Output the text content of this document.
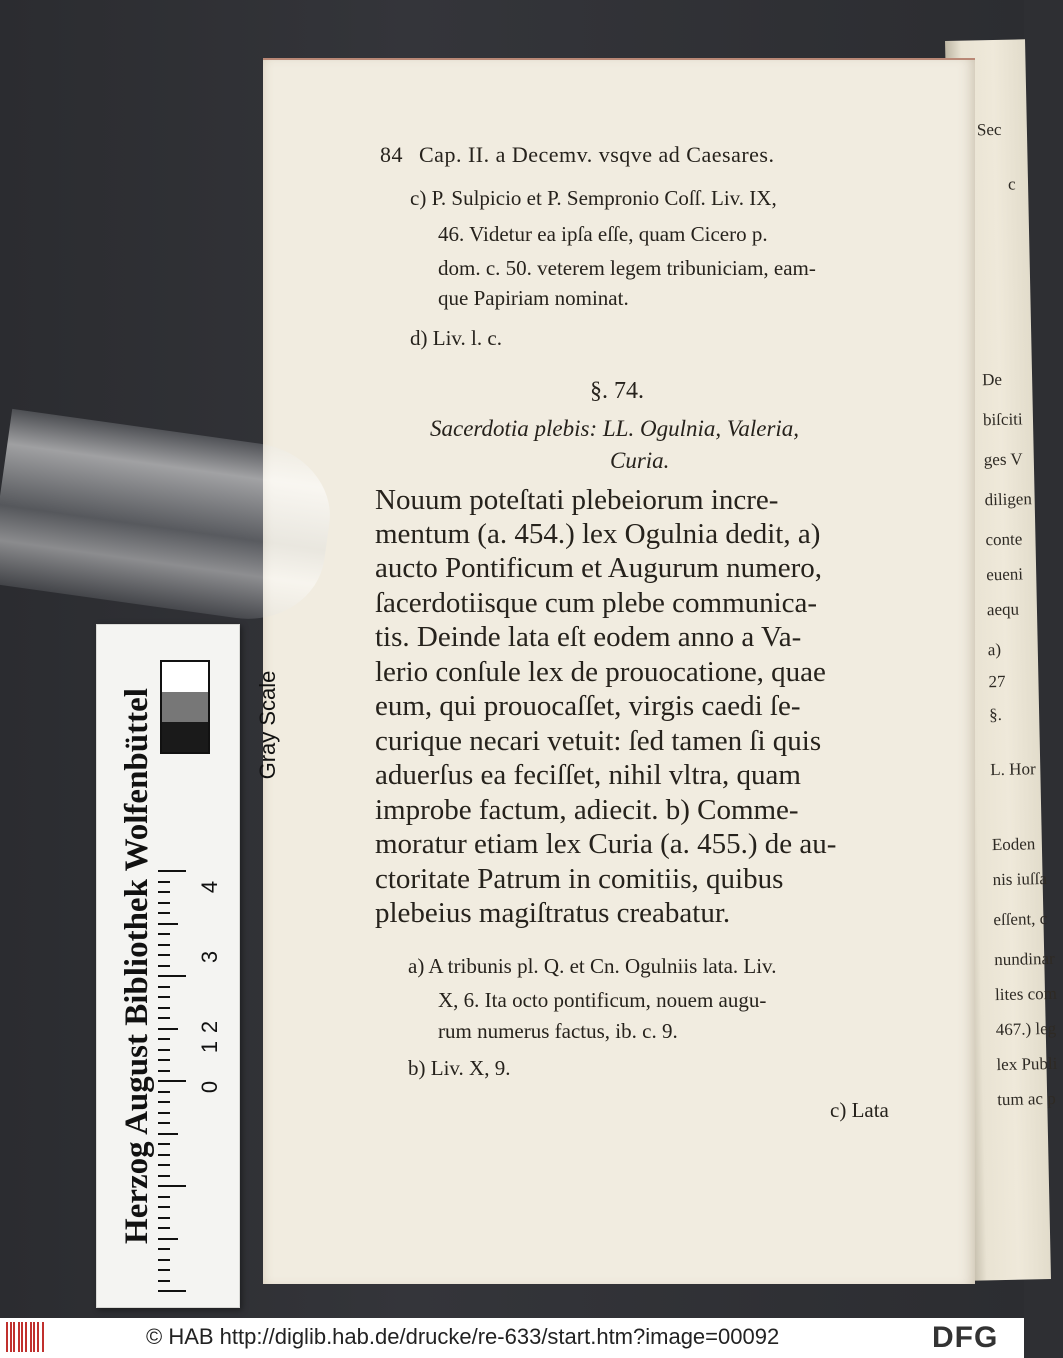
Sec
c
De
biſciti
ges V
diligen
conte
eueni
aequ
a)
27
§.
L. Hor
Eoden
nis iuſſa
eſſent, c
nundinar
lites com
467.) leg
lex Publi
tum ac p
84 Cap. II. a Decemv. vsqve ad Caesares.
c) P. Sulpicio et P. Sempronio Coſſ. Liv. IX,
46. Videtur ea ipſa eſſe, quam Cicero p.
dom. c. 50. veterem legem tribuniciam, eam-
que Papiriam nominat.
d) Liv. l. c.
§. 74.
Sacerdotia plebis: LL. Ogulnia, Valeria,
Curia.
Nouum poteſtati plebeiorum incre-
mentum (a. 454.) lex Ogulnia dedit, a)
aucto Pontificum et Augurum numero,
ſacerdotiisque cum plebe communica-
tis. Deinde lata eſt eodem anno a Va-
lerio conſule lex de prouocatione, quae
eum, qui prouocaſſet, virgis caedi ſe-
curique necari vetuit: ſed tamen ſi quis
aduerſus ea feciſſet, nihil vltra, quam
improbe factum, adiecit. b) Comme-
moratur etiam lex Curia (a. 455.) de au-
ctoritate Patrum in comitiis, quibus
plebeius magiſtratus creabatur.
a) A tribunis pl. Q. et Cn. Ogulniis lata. Liv.
X, 6. Ita octo pontificum, nouem augu-
rum numerus factus, ib. c. 9.
b) Liv. X, 9.
c) Lata
Herzog August Bibliothek Wolfenbüttel	Gray Scale
0
1
2
3
4
© HAB http://diglib.hab.de/drucke/re-633/start.htm?image=00092	DFG
